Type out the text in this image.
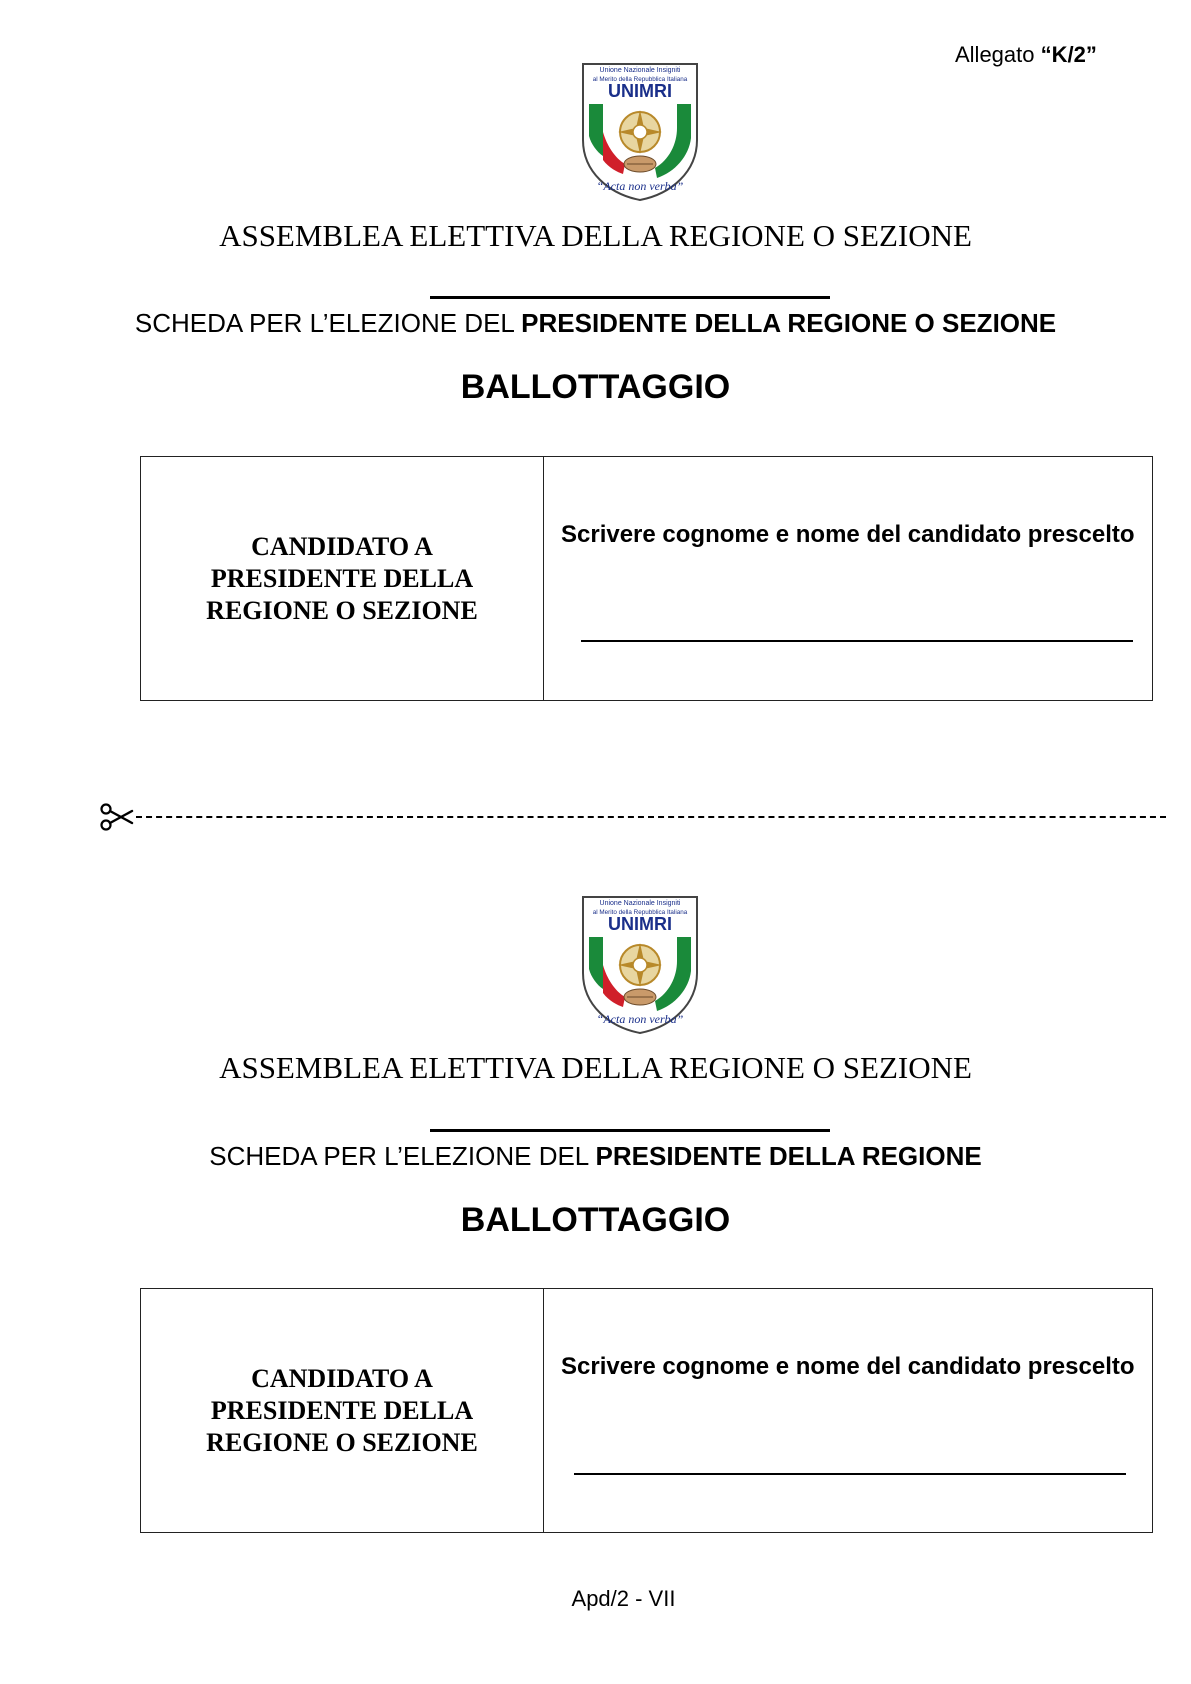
Allegato “K/2”
Unione Nazionale Insigniti
al Merito della Repubblica Italiana
UNIMRI
“Acta non verba”
ASSEMBLEA ELETTIVA DELLA REGIONE O SEZIONE
SCHEDA PER L’ELEZIONE DEL PRESIDENTE DELLA REGIONE O SEZIONE
BALLOTTAGGIO
CANDIDATO A PRESIDENTE DELLA REGIONE O SEZIONE
Scrivere cognome e nome del candidato prescelto
Unione Nazionale Insigniti
al Merito della Repubblica Italiana
UNIMRI
“Acta non verba”
ASSEMBLEA ELETTIVA DELLA REGIONE O SEZIONE
SCHEDA PER L’ELEZIONE DEL PRESIDENTE DELLA REGIONE
BALLOTTAGGIO
CANDIDATO A PRESIDENTE DELLA REGIONE O SEZIONE
Scrivere cognome e nome del candidato prescelto
Apd/2 - VII
